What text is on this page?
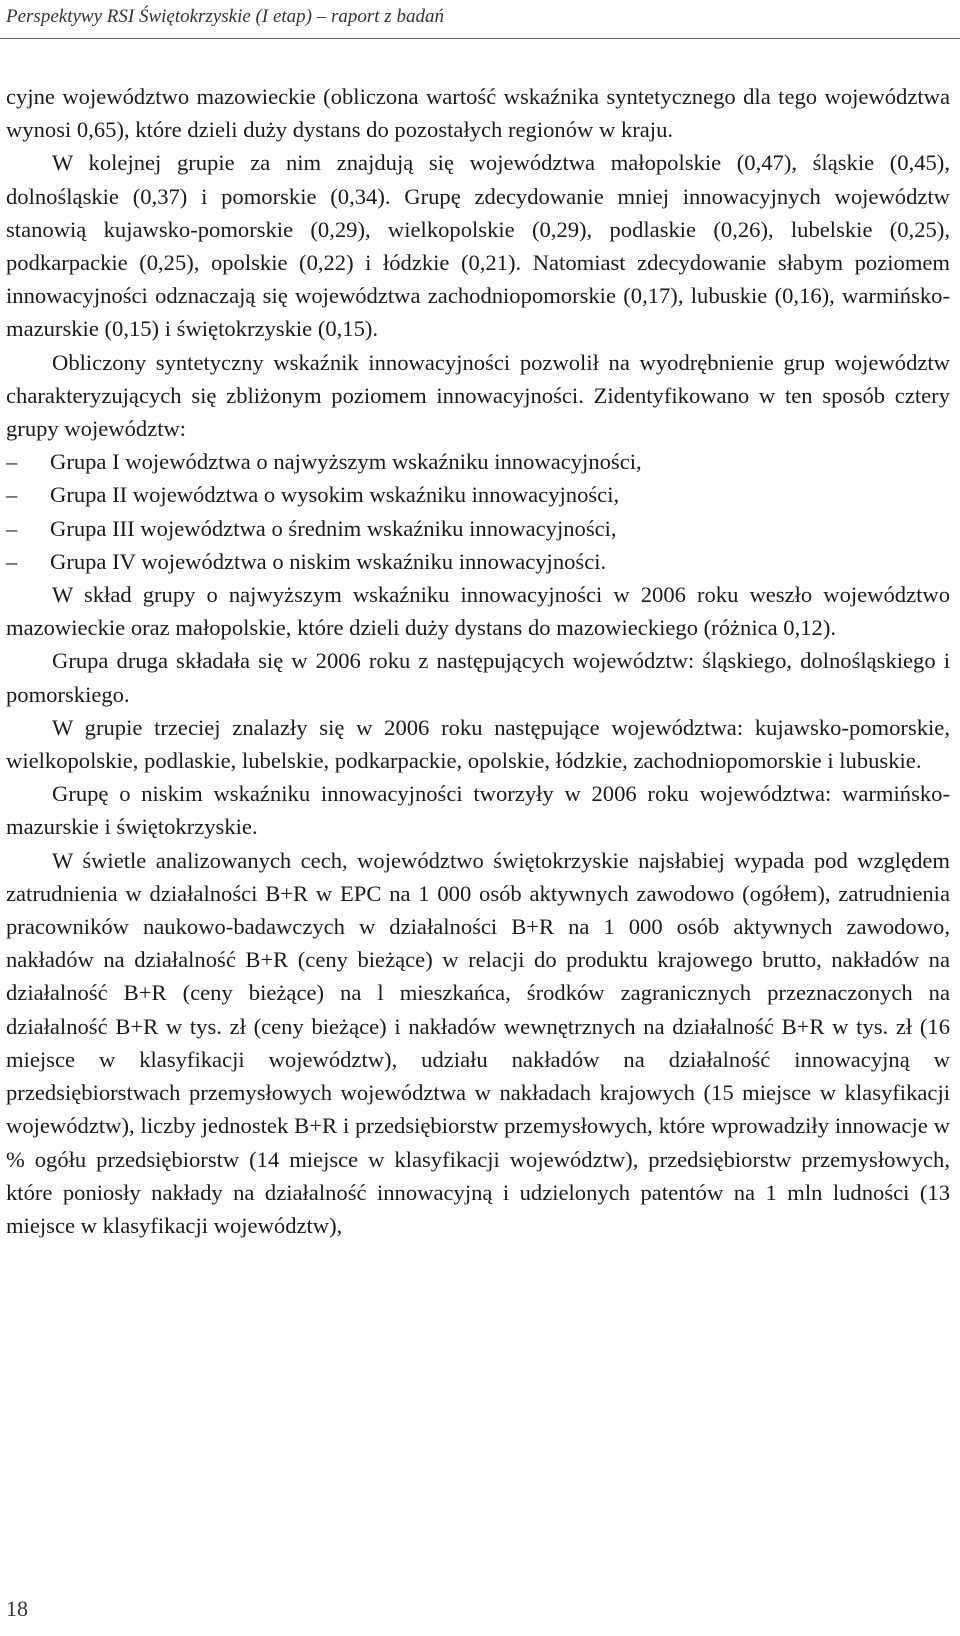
Perspektywy RSI Świętokrzyskie (I etap) – raport z badań

cyjne województwo mazowieckie (obliczona wartość wskaźnika syntetycznego dla tego województwa wynosi 0,65), które dzieli duży dystans do pozostałych regionów w kraju.

W kolejnej grupie za nim znajdują się województwa małopolskie (0,47), śląskie (0,45), dolnośląskie (0,37) i pomorskie (0,34). Grupę zdecydowanie mniej innowacyjnych województw stanowią kujawsko-pomorskie (0,29), wielkopolskie (0,29), podlaskie (0,26), lubelskie (0,25), podkarpackie (0,25), opolskie (0,22) i łódzkie (0,21). Natomiast zdecydowanie słabym poziomem innowacyjności odznaczają się województwa zachodniopomorskie (0,17), lubuskie (0,16), warmińsko-mazurskie (0,15) i świętokrzyskie (0,15).

Obliczony syntetyczny wskaźnik innowacyjności pozwolił na wyodrębnienie grup województw charakteryzujących się zbliżonym poziomem innowacyjności. Zidentyfikowano w ten sposób cztery grupy województw:

– Grupa I województwa o najwyższym wskaźniku innowacyjności,
– Grupa II województwa o wysokim wskaźniku innowacyjności,
– Grupa III województwa o średnim wskaźniku innowacyjności,
– Grupa IV województwa o niskim wskaźniku innowacyjności.

W skład grupy o najwyższym wskaźniku innowacyjności w 2006 roku weszło województwo mazowieckie oraz małopolskie, które dzieli duży dystans do mazowieckiego (różnica 0,12).

Grupa druga składała się w 2006 roku z następujących województw: śląskiego, dolnośląskiego i pomorskiego.

W grupie trzeciej znalazły się w 2006 roku następujące województwa: kujawsko-pomorskie, wielkopolskie, podlaskie, lubelskie, podkarpackie, opolskie, łódzkie, zachodniopomorskie i lubuskie.

Grupę o niskim wskaźniku innowacyjności tworzyły w 2006 roku województwa: warmińsko-mazurskie i świętokrzyskie.

W świetle analizowanych cech, województwo świętokrzyskie najsłabiej wypada pod względem zatrudnienia w działalności B+R w EPC na 1 000 osób aktywnych zawodowo (ogółem), zatrudnienia pracowników naukowo-badawczych w działalności B+R na 1 000 osób aktywnych zawodowo, nakładów na działalność B+R (ceny bieżące) w relacji do produktu krajowego brutto, nakładów na działalność B+R (ceny bieżące) na l mieszkańca, środków zagranicznych przeznaczonych na działalność B+R w tys. zł (ceny bieżące) i nakładów wewnętrznych na działalność B+R w tys. zł (16 miejsce w klasyfikacji województw), udziału nakładów na działalność innowacyjną w przedsiębiorstwach przemysłowych województwa w nakładach krajowych (15 miejsce w klasyfikacji województw), liczby jednostek B+R i przedsiębiorstw przemysłowych, które wprowadziły innowacje w % ogółu przedsiębiorstw (14 miejsce w klasyfikacji województw), przedsiębiorstw przemysłowych, które poniosły nakłady na działalność innowacyjną i udzielonych patentów na 1 mln ludności (13 miejsce w klasyfikacji województw),

18
